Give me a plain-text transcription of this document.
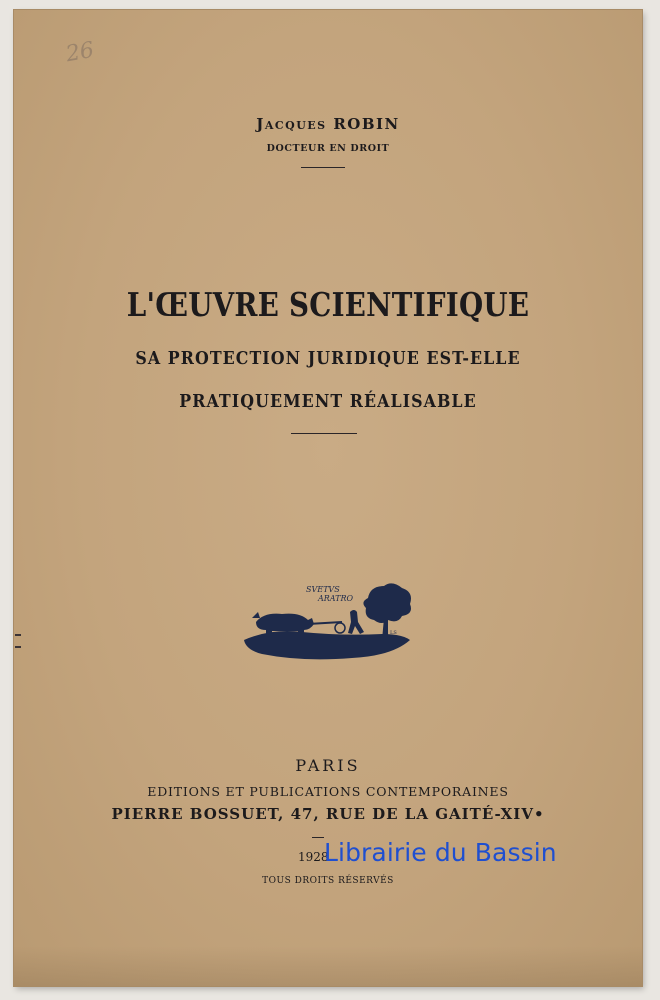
26
Jacques ROBIN
DOCTEUR EN DROIT
L'ŒUVRE SCIENTIFIQUE
SA PROTECTION JURIDIQUE EST-ELLE
PRATIQUEMENT RÉALISABLE
SVETVS
ARATRO
LS
PARIS
EDITIONS ET PUBLICATIONS CONTEMPORAINES
PIERRE BOSSUET, 47, RUE DE LA GAITÉ-XIV•
1928
TOUS DROITS RÉSERVÉS
Librairie du Bassin
